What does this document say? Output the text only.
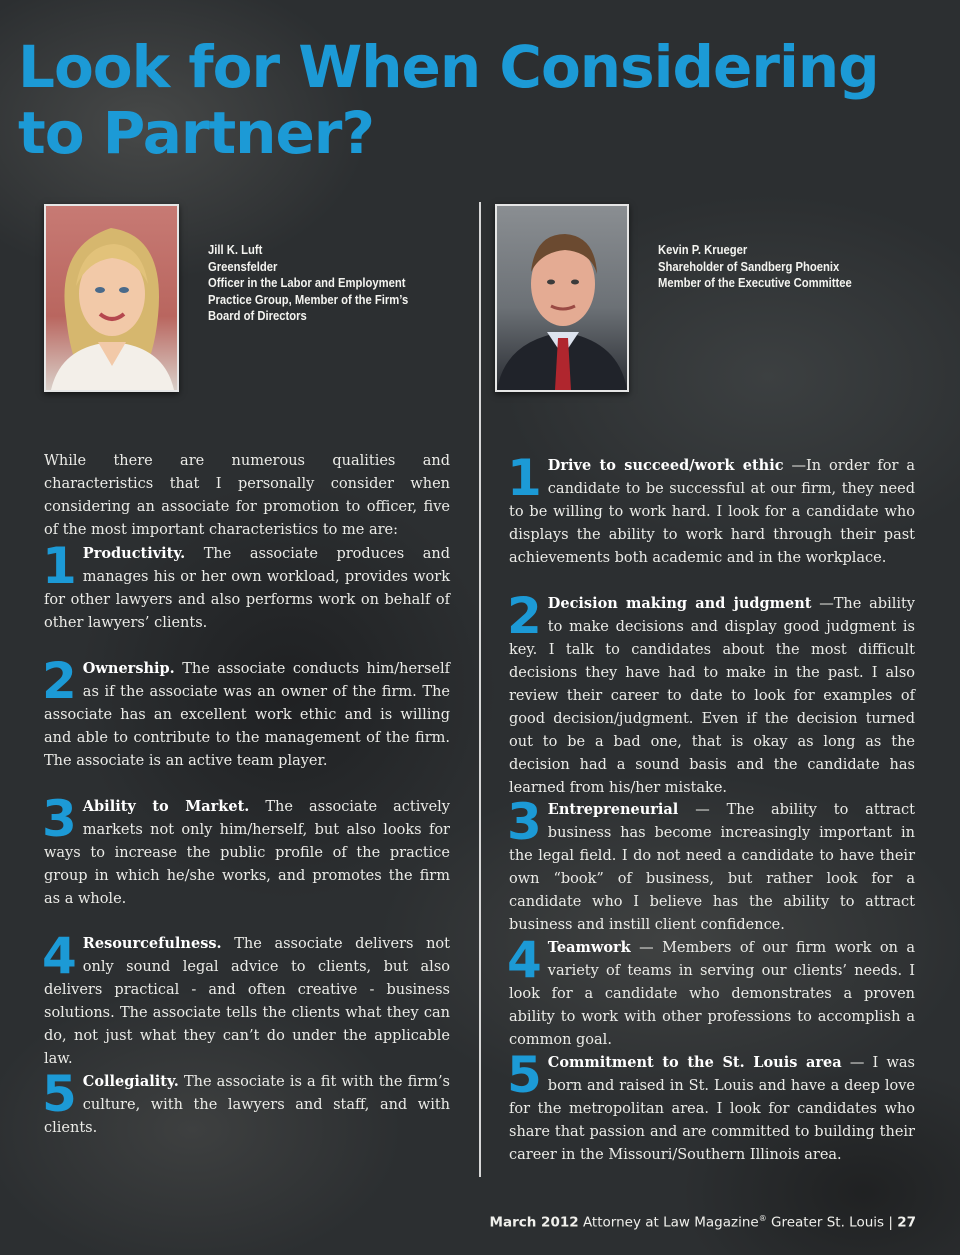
Look for When Considering
to Partner?
Jill K. Luft
Greensfelder
Officer in the Labor and Employment
Practice Group, Member of the Firm’s
Board of Directors
Kevin P. Krueger
Shareholder of Sandberg Phoenix
Member of the Executive Committee

While there are numerous qualities and characteristics that I personally consider when considering an associate for promotion to officer, five of the most important characteristics to me are:

1 Productivity. The associate produces and manages his or her own workload, provides work for other lawyers and also performs work on behalf of other lawyers’ clients.
2 Ownership. The associate conducts him/herself as if the associate was an owner of the firm. The associate has an excellent work ethic and is willing and able to contribute to the management of the firm. The associate is an active team player.
3 Ability to Market. The associate actively markets not only him/herself, but also looks for ways to increase the public profile of the practice group in which he/she works, and promotes the firm as a whole.
4 Resourcefulness. The associate delivers not only sound legal advice to clients, but also delivers practical - and often creative - business solutions. The associate tells the clients what they can do, not just what they can’t do under the applicable law.
5 Collegiality. The associate is a fit with the firm’s culture, with the lawyers and staff, and with clients.
1 Drive to succeed/work ethic —In order for a candidate to be successful at our firm, they need to be willing to work hard. I look for a candidate who displays the ability to work hard through their past achievements both academic and in the workplace.
2 Decision making and judgment —The ability to make decisions and display good judgment is key. I talk to candidates about the most difficult decisions they have had to make in the past. I also review their career to date to look for examples of good decision/judgment. Even if the decision turned out to be a bad one, that is okay as long as the decision had a sound basis and the candidate has learned from his/her mistake.
3 Entrepreneurial — The ability to attract business has become increasingly important in the legal field. I do not need a candidate to have their own “book” of business, but rather look for a candidate who I believe has the ability to attract business and instill client confidence.
4 Teamwork — Members of our firm work on a variety of teams in serving our clients’ needs. I look for a candidate who demonstrates a proven ability to work with other professions to accomplish a common goal.
5 Commitment to the St. Louis area — I was born and raised in St. Louis and have a deep love for the metropolitan area. I look for candidates who share that passion and are committed to building their career in the Missouri/Southern Illinois area.
March 2012 Attorney at Law Magazine® Greater St. Louis | 27
